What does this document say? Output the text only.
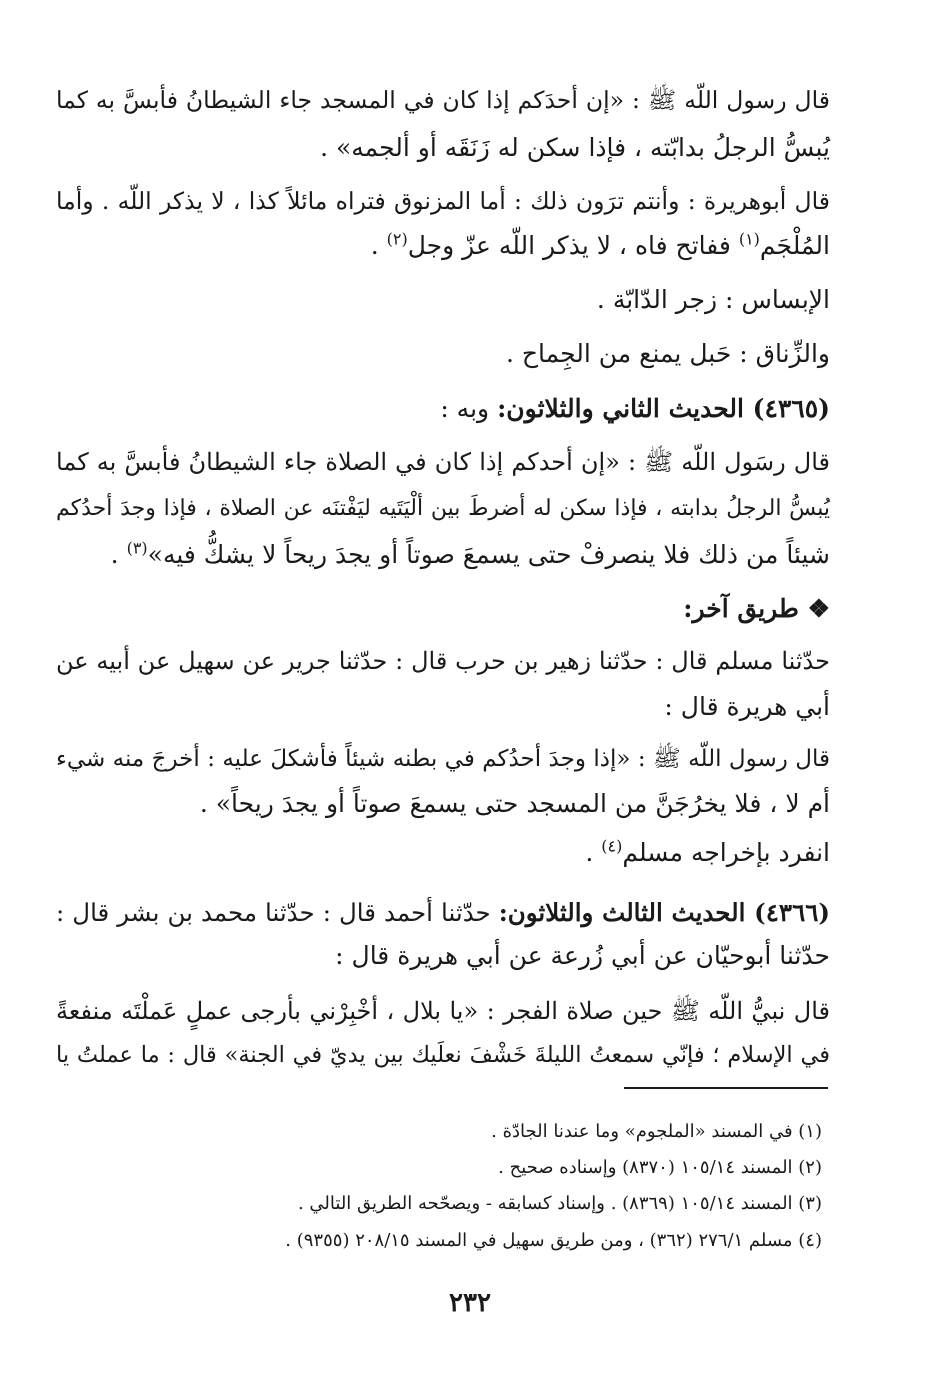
قال رسول اللّه ﷺ : «إن أحدَكم إذا كان في المسجد جاء الشيطانُ فأبسَّ به كما
يُبسُّ الرجلُ بدابّته ، فإذا سكن له زَنَقَه أو ألجمه» .
قال أبوهريرة : وأنتم ترَون ذلك : أما المزنوق فتراه مائلاً كذا ، لا يذكر اللّه . وأما
المُلْجَم$^{(١)}$ ففاتح فاه ، لا يذكر اللّه عزّ وجل$^{(٢)}$ .
الإبساس : زجر الدّابّة .
والزِّناق : حَبل يمنع من الجِماح .
(٤٣٦٥) الحديث الثاني والثلاثون: وبه :
قال رسَول اللّه ﷺ : «إن أحدكم إذا كان في الصلاة جاء الشيطانُ فأبسَّ به كما
يُبسُّ الرجلُ بدابته ، فإذا سكن له أضرطَ بين ألْيَتَيه ليَفْتنَه عن الصلاة ، فإذا وجدَ أحدُكم
شيئاً من ذلك فلا ينصرفْ حتى يسمعَ صوتاً أو يجدَ ريحاً لا يشكُّ فيه»$^{(٣)}$ .
❖ طريق آخر:
حدّثنا مسلم قال : حدّثنا زهير بن حرب قال : حدّثنا جرير عن سهيل عن أبيه عن
أبي هريرة قال :
قال رسول اللّه ﷺ : «إذا وجدَ أحدُكم في بطنه شيئاً فأشكلَ عليه : أخرجَ منه شيء
أم لا ، فلا يخرُجَنَّ من المسجد حتى يسمعَ صوتاً أو يجدَ ريحاً» .
انفرد بإخراجه مسلم$^{(٤)}$ .
(٤٣٦٦) الحديث الثالث والثلاثون: حدّثنا أحمد قال : حدّثنا محمد بن بشر قال :
حدّثنا أبوحيّان عن أبي زُرعة عن أبي هريرة قال :
قال نبيُّ اللّه ﷺ حين صلاة الفجر : «يا بلال ، أخْبِرْني بأرجى عملٍ عَملْتَه منفعةً
في الإسلام ؛ فإنّي سمعتُ الليلةَ خَشْفَ نعلَيك بين يديّ في الجنة» قال : ما عملتُ يا
(١) في المسند «الملجوم» وما عندنا الجادّة .
(٢) المسند ١٠٥/١٤ (٨٣٧٠) وإسناده صحيح .
(٣) المسند ١٠٥/١٤ (٨٣٦٩) . وإسناد كسابقه - ويصحّحه الطريق التالي .
(٤) مسلم ٢٧٦/١ (٣٦٢) ، ومن طريق سهيل في المسند ٢٠٨/١٥ (٩٣٥٥) .
٢٣٢
